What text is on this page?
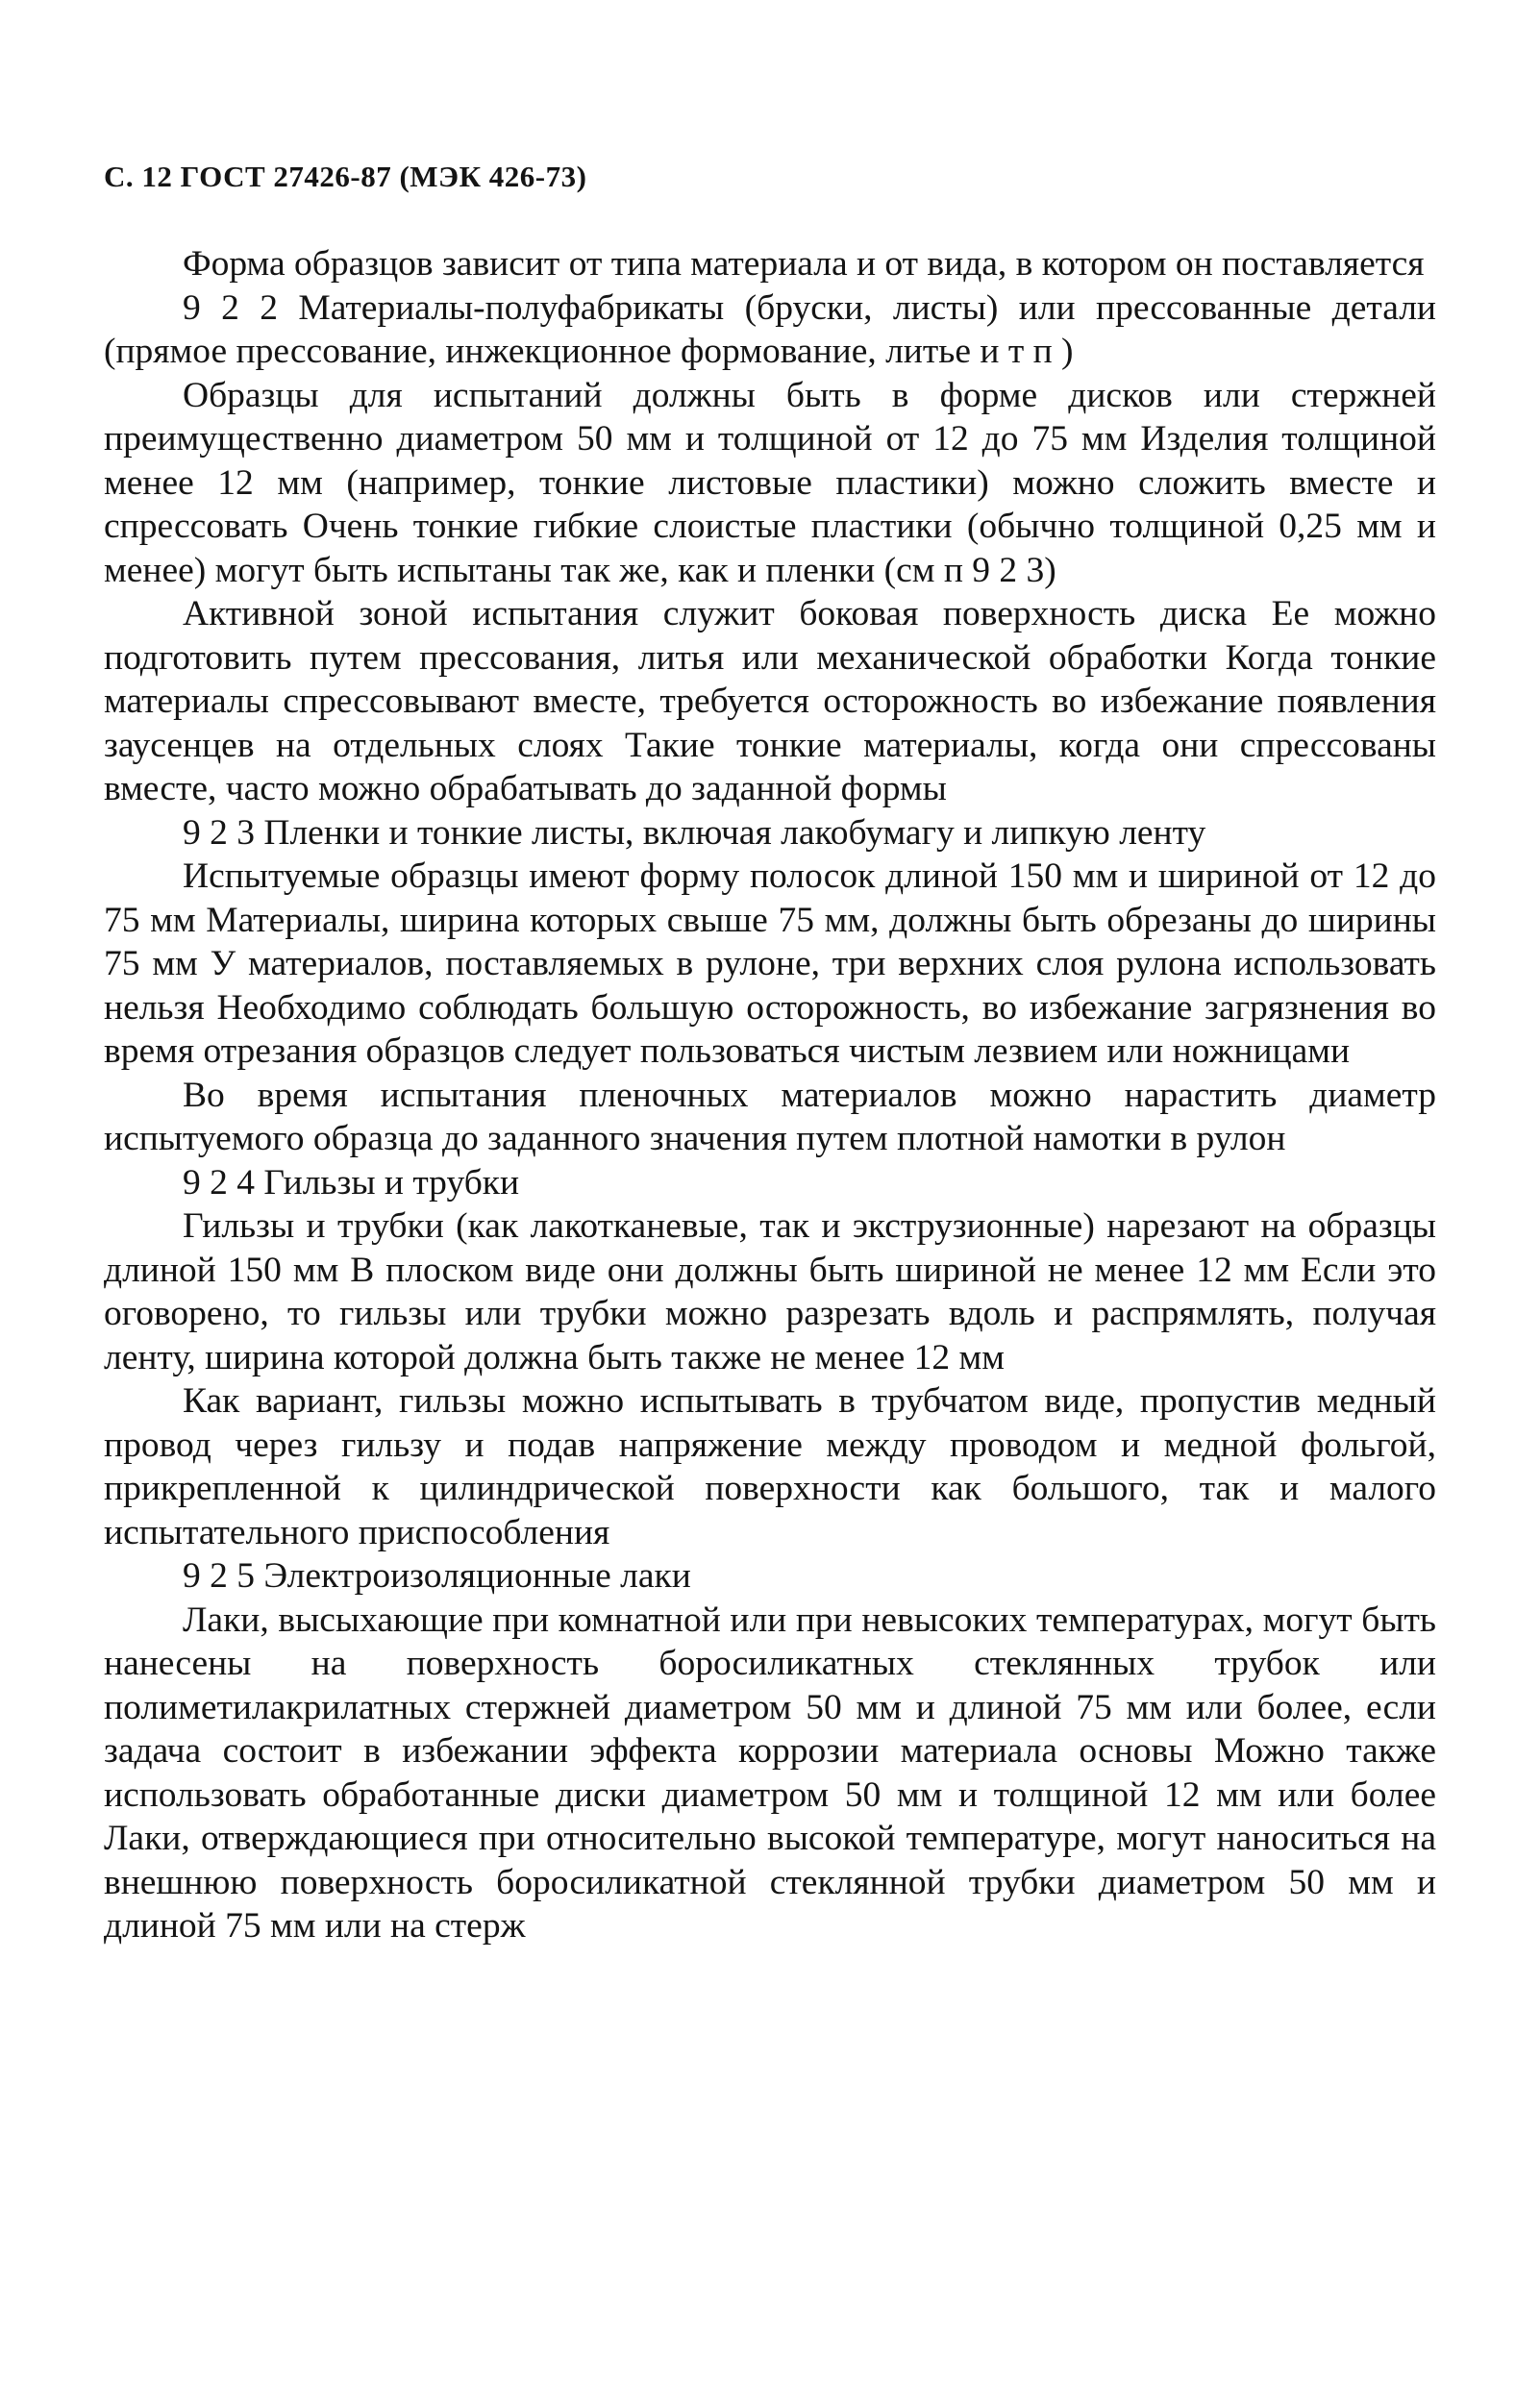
С. 12 ГОСТ 27426-87 (МЭК 426-73)

Форма образцов зависит от типа материала и от вида, в котором он поставляется

9 2 2 Материалы-полуфабрикаты (бруски, листы) или прессованные детали (прямое прессование, инжекционное формование, литье и т п )

Образцы для испытаний должны быть в форме дисков или стержней преимущественно диаметром 50 мм и толщиной от 12 до 75 мм Изделия толщиной менее 12 мм (например, тонкие листовые пластики) можно сложить вместе и спрессовать Очень тонкие гибкие слоистые пластики (обычно толщиной 0,25 мм и менее) могут быть испытаны так же, как и пленки (см п 9 2 3)

Активной зоной испытания служит боковая поверхность диска Ее можно подготовить путем прессования, литья или механической обработки Когда тонкие материалы спрессовывают вместе, требуется осторожность во избежание появления заусенцев на отдельных слоях Такие тонкие материалы, когда они спрессованы вместе, часто можно обрабатывать до заданной формы

9 2 3 Пленки и тонкие листы, включая лакобумагу и липкую ленту

Испытуемые образцы имеют форму полосок длиной 150 мм и шириной от 12 до 75 мм Материалы, ширина которых свыше 75 мм, должны быть обрезаны до ширины 75 мм У материалов, поставляемых в рулоне, три верхних слоя рулона использовать нельзя Необходимо соблюдать большую осторожность, во избежание загрязнения во время отрезания образцов следует пользоваться чистым лезвием или ножницами

Во время испытания пленочных материалов можно нарастить диаметр испытуемого образца до заданного значения путем плотной намотки в рулон

9 2 4 Гильзы и трубки

Гильзы и трубки (как лакотканевые, так и экструзионные) нарезают на образцы длиной 150 мм В плоском виде они должны быть шириной не менее 12 мм Если это оговорено, то гильзы или трубки можно разрезать вдоль и распрямлять, получая ленту, ширина которой должна быть также не менее 12 мм

Как вариант, гильзы можно испытывать в трубчатом виде, пропустив медный провод через гильзу и подав напряжение между проводом и медной фольгой, прикрепленной к цилиндрической поверхности как большого, так и малого испытательного приспособления

9 2 5 Электроизоляционные лаки

Лаки, высыхающие при комнатной или при невысоких температурах, могут быть нанесены на поверхность боросиликатных стеклянных трубок или полиметилакрилатных стержней диаметром 50 мм и длиной 75 мм или более, если задача состоит в избежании эффекта коррозии материала основы Можно также использовать обработанные диски диаметром 50 мм и толщиной 12 мм или более Лаки, отверждающиеся при относительно высокой температуре, могут наноситься на внешнюю поверхность боросиликатной стеклянной трубки диаметром 50 мм и длиной 75 мм или на стерж
